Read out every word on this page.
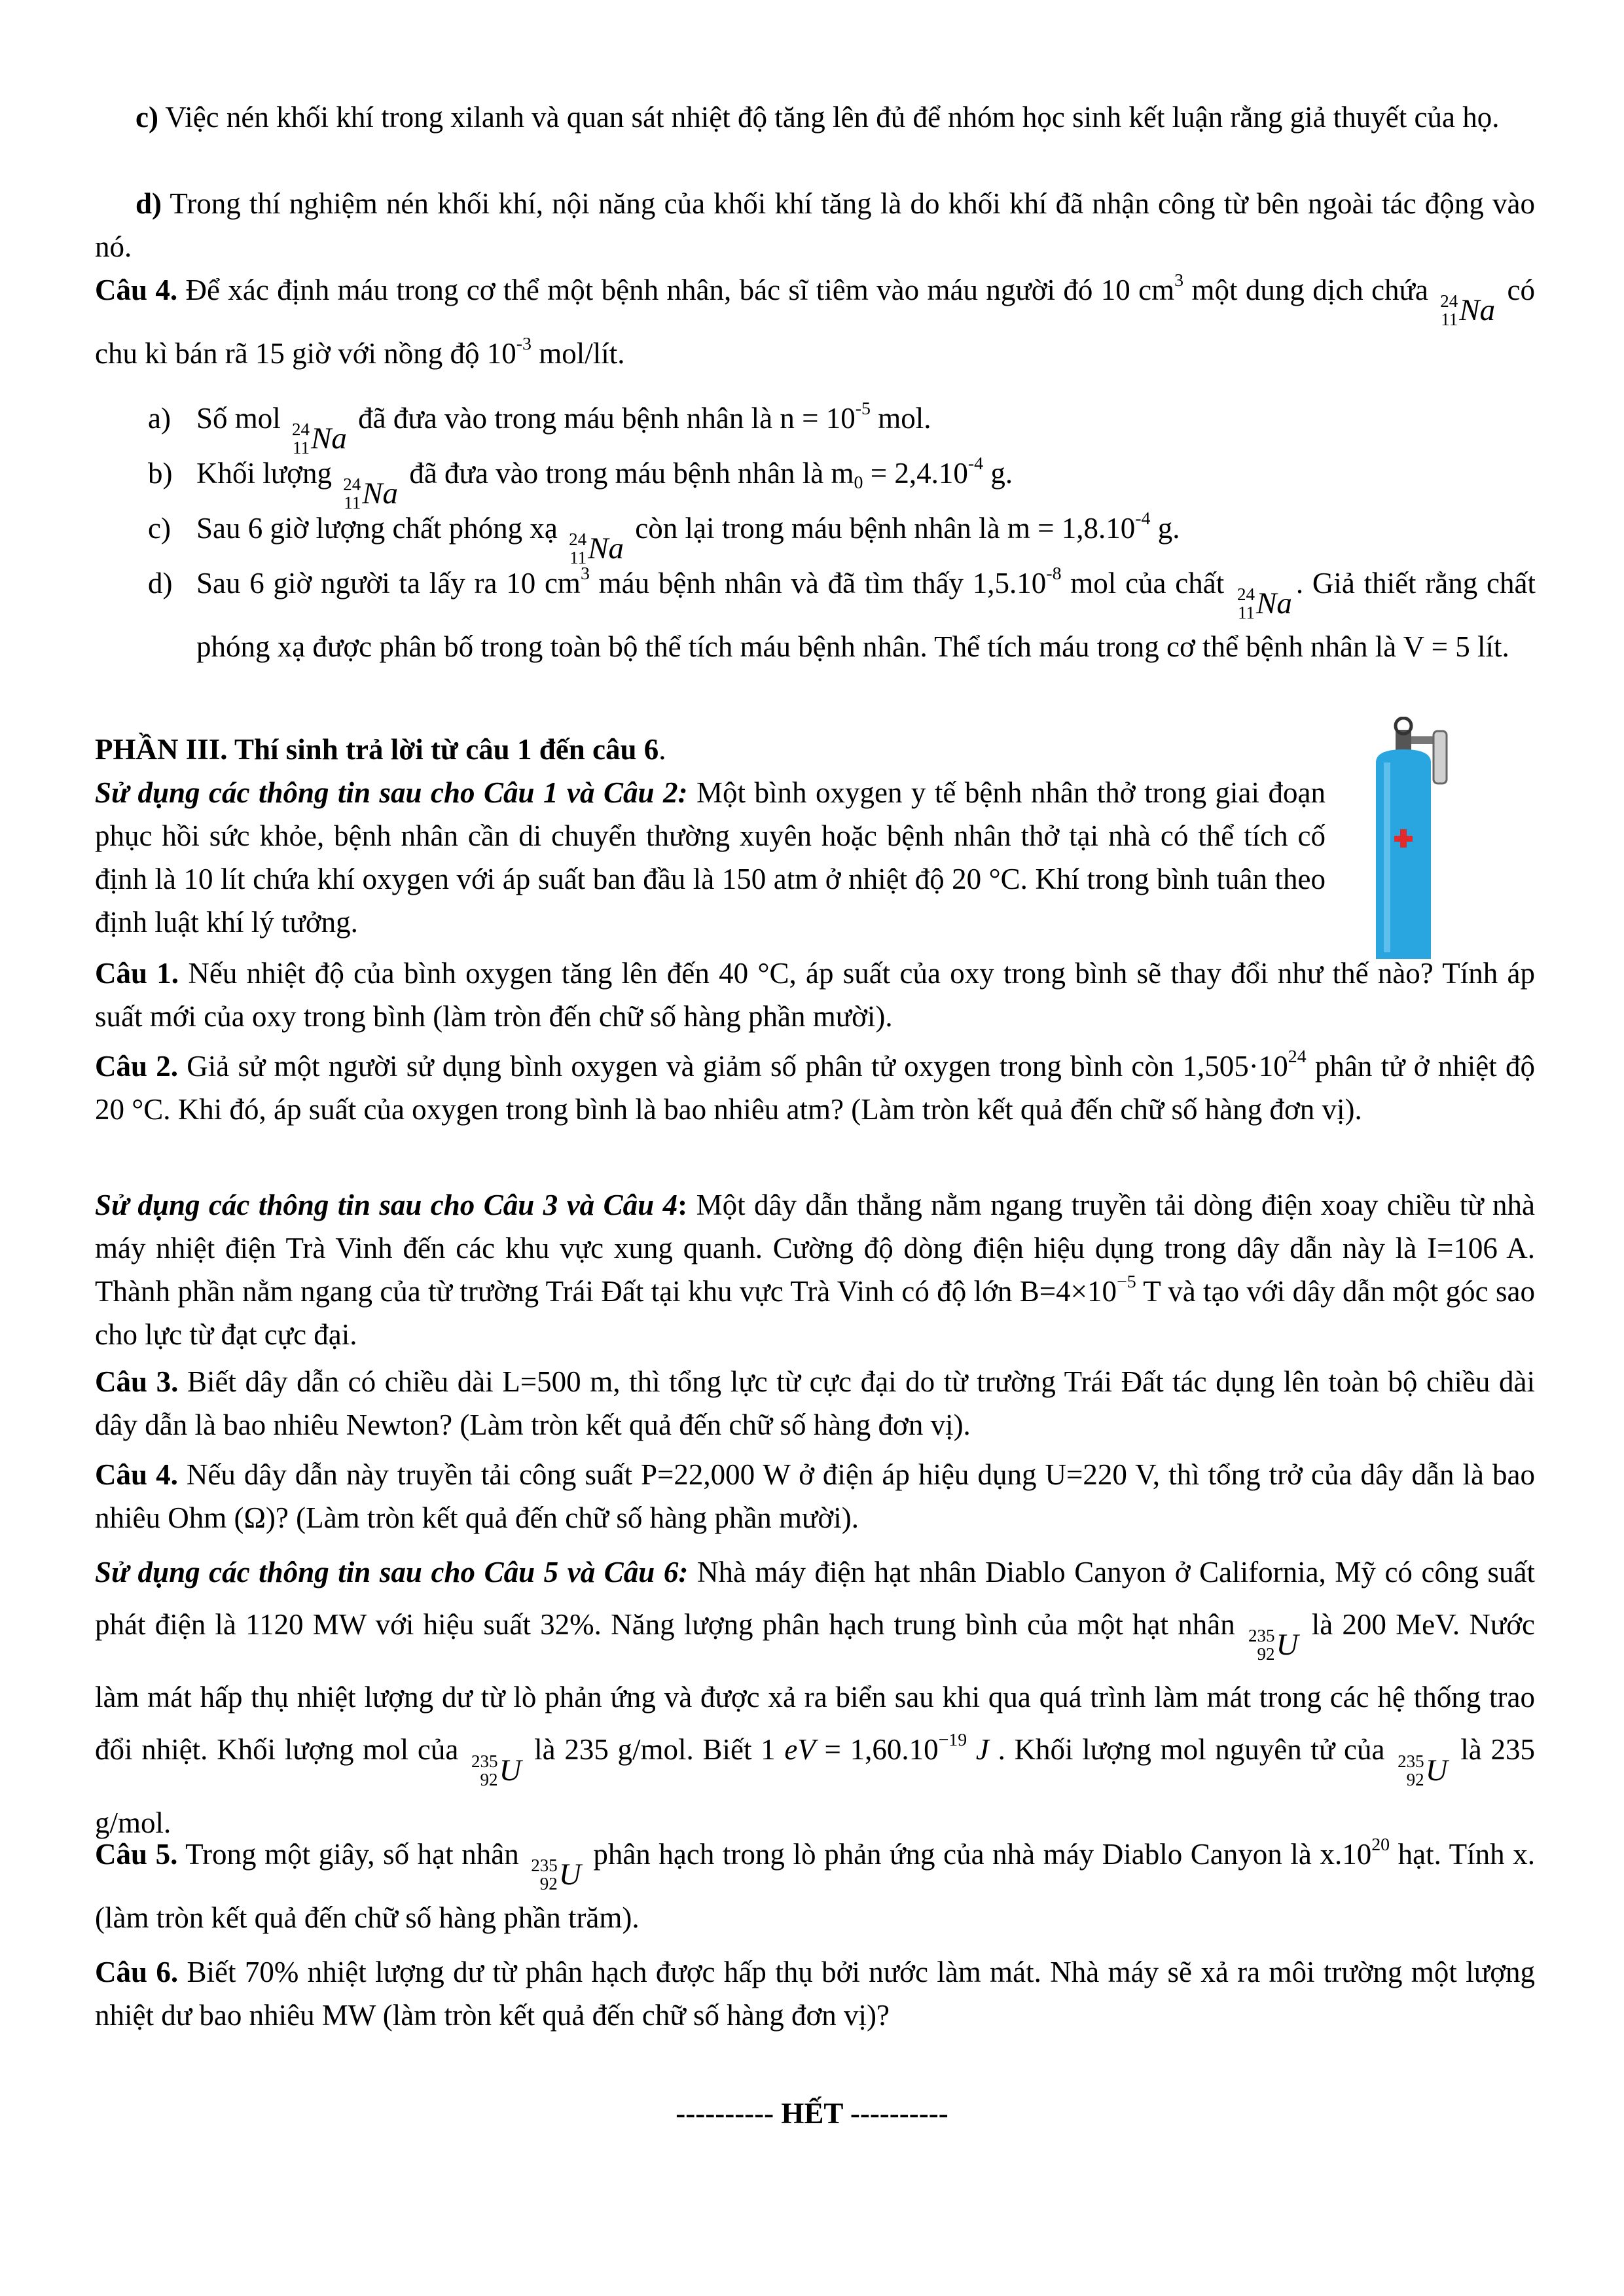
c) Việc nén khối khí trong xilanh và quan sát nhiệt độ tăng lên đủ để nhóm học sinh kết luận rằng giả thuyết của họ.

d) Trong thí nghiệm nén khối khí, nội năng của khối khí tăng là do khối khí đã nhận công từ bên ngoài tác động vào nó.

Câu 4. Để xác định máu trong cơ thể một bệnh nhân, bác sĩ tiêm vào máu người đó 10 $cm^3$ một dung dịch chứa 24
11 Na
có chu kì bán rã 15 giờ với nồng độ $10^{-3}$ mol/lít.

a) Số mol 24
11 Na
đã đưa vào trong máu bệnh nhân là $n = 10^{-5}$ mol.

b) Khối lượng 24
11 Na
đã đưa vào trong máu bệnh nhân là $m_0 = 2,4.10^{-4}$ g.

c) Sau 6 giờ lượng chất phóng xạ 24
11 Na
còn lại trong máu bệnh nhân là $m = 1,8.10^{-4}$ g.

d) Sau 6 giờ người ta lấy ra 10 $cm^3$ máu bệnh nhân và đã tìm thấy $1,5.10^{-8}$ mol của chất 24
11 Na
. Giả thiết rằng chất phóng xạ được phân bố trong toàn bộ thể tích máu bệnh nhân. Thể tích máu trong cơ thể bệnh nhân là V = 5 lít.

PHẦN III. Thí sinh trả lời từ câu 1 đến câu 6.

Sử dụng các thông tin sau cho Câu 1 và Câu 2: Một bình oxygen y tế bệnh nhân thở trong giai đoạn phục hồi sức khỏe, bệnh nhân cần di chuyển thường xuyên hoặc bệnh nhân thở tại nhà có thể tích cố định là 10 lít chứa khí oxygen với áp suất ban đầu là 150 atm ở nhiệt độ 20 °C. Khí trong bình tuân theo định luật khí lý tưởng.

Câu 1. Nếu nhiệt độ của bình oxygen tăng lên đến 40 °C, áp suất của oxy trong bình sẽ thay đổi như thế nào? Tính áp suất mới của oxy trong bình (làm tròn đến chữ số hàng phần mười).

Câu 2. Giả sử một người sử dụng bình oxygen và giảm số phân tử oxygen trong bình còn $1,505\cdot 10^{24}$ phân tử ở nhiệt độ 20 °C. Khi đó, áp suất của oxygen trong bình là bao nhiêu atm? (Làm tròn kết quả đến chữ số hàng đơn vị).

Sử dụng các thông tin sau cho Câu 3 và Câu 4: Một dây dẫn thẳng nằm ngang truyền tải dòng điện xoay chiều từ nhà máy nhiệt điện Trà Vinh đến các khu vực xung quanh. Cường độ dòng điện hiệu dụng trong dây dẫn này là I=106 A. Thành phần nằm ngang của từ trường Trái Đất tại khu vực Trà Vinh có độ lớn $B=4\times 10^{-5}$ T và tạo với dây dẫn một góc sao cho lực từ đạt cực đại.

Câu 3. Biết dây dẫn có chiều dài L=500 m, thì tổng lực từ cực đại do từ trường Trái Đất tác dụng lên toàn bộ chiều dài dây dẫn là bao nhiêu Newton? (Làm tròn kết quả đến chữ số hàng đơn vị).

Câu 4. Nếu dây dẫn này truyền tải công suất P=22,000 W ở điện áp hiệu dụng U=220 V, thì tổng trở của dây dẫn là bao nhiêu Ohm (Ω)? (Làm tròn kết quả đến chữ số hàng phần mười).

Sử dụng các thông tin sau cho Câu 5 và Câu 6: Nhà máy điện hạt nhân Diablo Canyon ở California, Mỹ có công suất phát điện là 1120 MW với hiệu suất 32%. Năng lượng phân hạch trung bình của một hạt nhân 235
92 U
là 200 MeV. Nước làm mát hấp thụ nhiệt lượng dư từ lò phản ứng và được xả ra biển sau khi qua quá trình làm mát trong các hệ thống trao đổi nhiệt. Khối lượng mol của 235
92 U
là 235 g/mol. Biết 1 eV = $1,60.10^{-19}$ J . Khối lượng mol nguyên tử của 235
92 U
là 235 g/mol.

Câu 5. Trong một giây, số hạt nhân 235
92 U
phân hạch trong lò phản ứng của nhà máy Diablo Canyon là $x.10^{20}$ hạt. Tính x. (làm tròn kết quả đến chữ số hàng phần trăm).

Câu 6. Biết 70% nhiệt lượng dư từ phân hạch được hấp thụ bởi nước làm mát. Nhà máy sẽ xả ra môi trường một lượng nhiệt dư bao nhiêu MW (làm tròn kết quả đến chữ số hàng đơn vị)?

---------- HẾT ----------
